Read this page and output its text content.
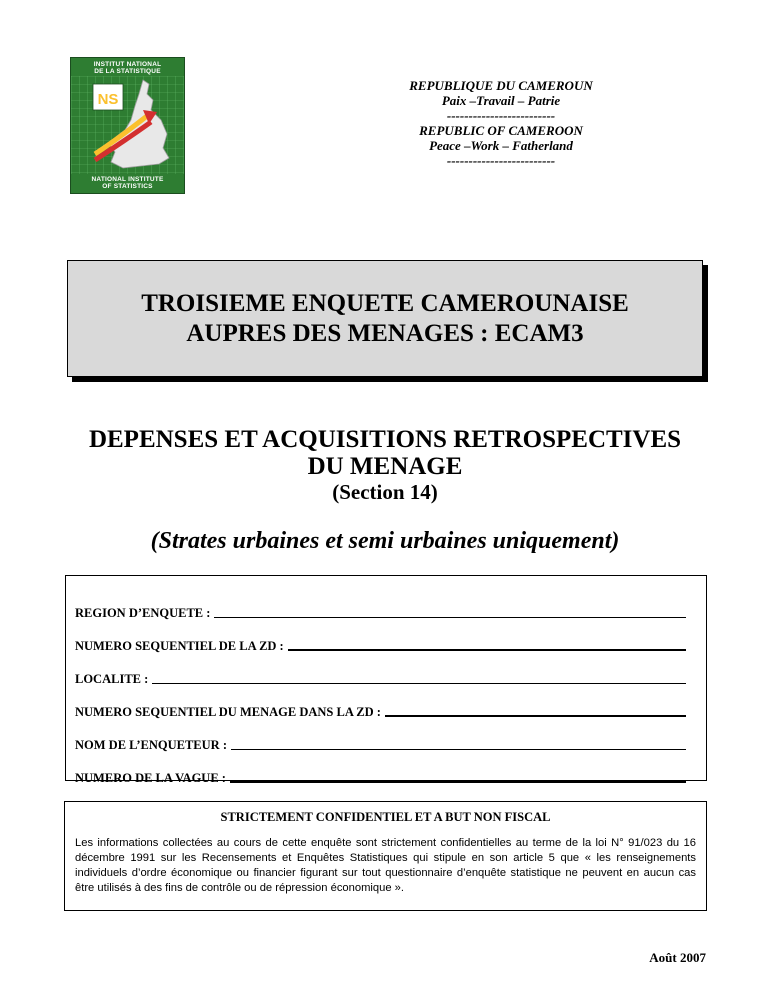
INSTITUT NATIONAL
DE LA STATISTIQUE
NS
NATIONAL INSTITUTE
OF STATISTICS
REPUBLIQUE DU CAMEROUN
Paix –Travail – Patrie
-------------------------
REPUBLIC OF CAMEROON
Peace –Work – Fatherland
-------------------------
TROISIEME ENQUETE CAMEROUNAISE
AUPRES DES MENAGES : ECAM3
DEPENSES ET ACQUISITIONS RETROSPECTIVES
DU MENAGE
(Section 14)
(Strates urbaines et semi urbaines uniquement)
REGION D’ENQUETE :
NUMERO SEQUENTIEL DE LA ZD :
LOCALITE :
NUMERO SEQUENTIEL DU MENAGE DANS LA ZD :
NOM DE L’ENQUETEUR :
NUMERO DE LA VAGUE :
STRICTEMENT CONFIDENTIEL ET A BUT NON FISCAL
Les informations collectées au cours de cette enquête sont strictement confidentielles au terme de la loi N° 91/023 du 16 décembre 1991 sur les Recensements et Enquêtes Statistiques qui stipule en son article 5 que « les renseignements individuels d’ordre économique ou financier figurant sur tout questionnaire d’enquête statistique ne peuvent en aucun cas être utilisés à des fins de contrôle ou de répression économique ».
Août 2007
